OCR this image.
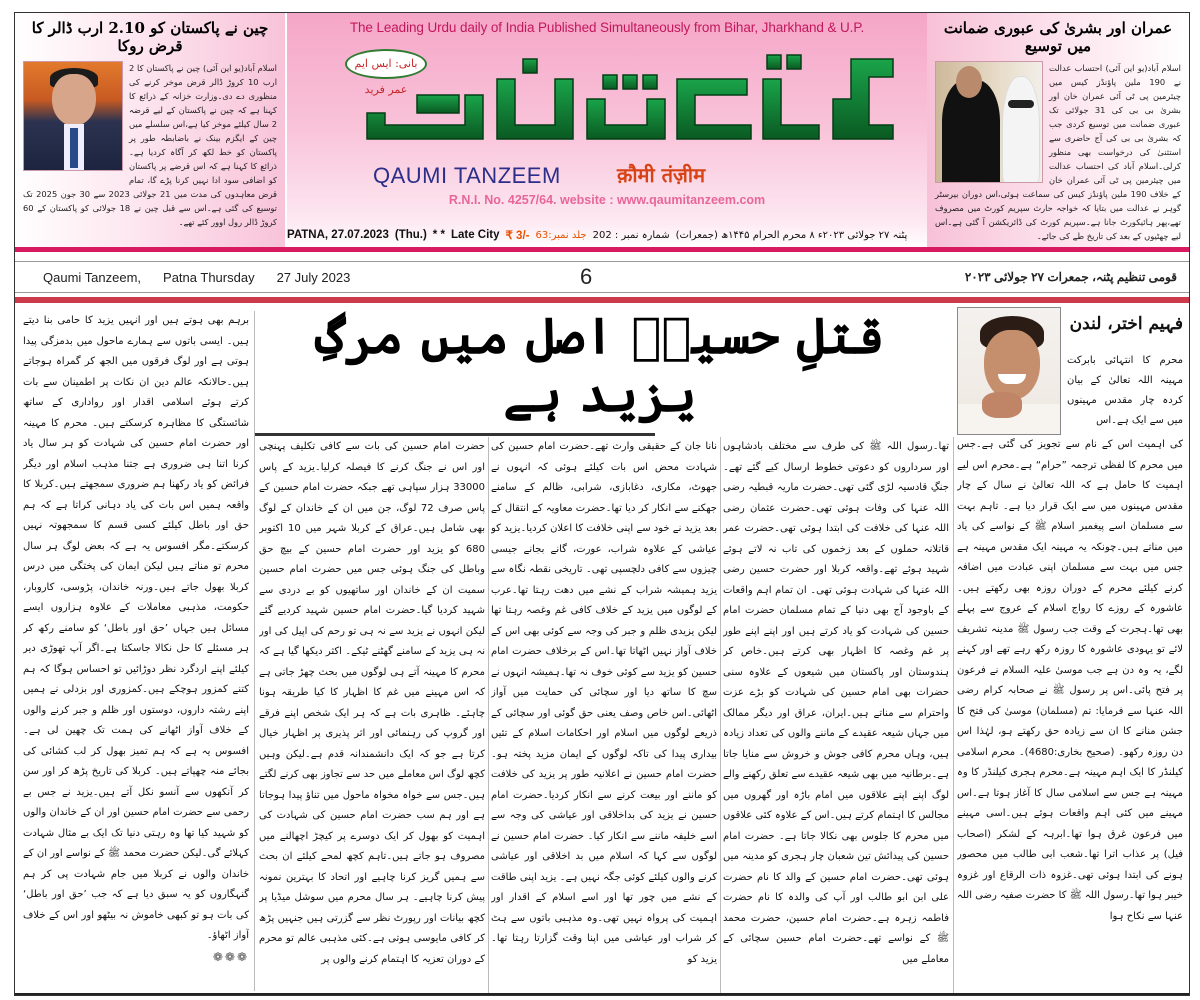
عمران اور بشریٰ کی عبوری ضمانت میں توسیع
اسلام آباد(یو این آئی) احتساب عدالت نے 190 ملین پاؤنڈز کیس میں چیئرمین پی ٹی آئی عمران خان اور بشریٰ بی بی کی 31 جولائی تک عبوری ضمانت میں توسیع کردی جب کہ بشریٰ بی بی کی آج حاضری سے استثنیٰ کی درخواست بھی منظور کرلی۔اسلام آباد کی احتساب عدالت میں چیئرمین پی ٹی آئی عمران خان کے خلاف 190 ملین پاؤنڈز کیس کی سماعت ہوئی،اس دوران بیرسٹر گوہر نے عدالت میں بتایا کہ خواجہ حارث سپریم کورٹ میں مصروف تھے،پھر ہائیکورٹ جانا ہے۔سپریم کورٹ کی ڈائریکشن آ گئی ہے۔اس لیے چھٹیوں کے بعد کی تاریخ طے کی جائے۔
The Leading Urdu daily of India Published Simultaneously from Bihar, Jharkhand & U.P.
بانی: ایس ایم عمر فرید
QAUMI TANZEEM	क़ौमी तंज़ीम
R.N.I. No. 4257/64. website : www.qaumitanzeem.com
PATNA, 27.07.2023 (Thu.) * * Late City ₹ 3/- جلد نمبر:63 شمارہ نمبر : 202 پٹنہ ۲۷ جولائی ۲۰۲۳ء ۸ محرم الحرام ۱۴۴۵ھ (جمعرات)
چین نے پاکستان کو 2.10 ارب ڈالر کا قرض روکا
اسلام آباد(یو این آئی) چین نے پاکستان کا 2 ارب 10 کروڑ ڈالر قرض موخر کرنے کی منظوری دے دی۔وزارت خزانہ کے ذرائع کا کہنا ہے کہ چین نے پاکستان کے لیے قرضہ 2 سال کیلئے موخر کیا ہے،اس سلسلے میں چین کے ایگزم بینک نے باضابطہ طور پر پاکستان کو خط لکھ کر آگاہ کردیا ہے۔ذرائع کا کہنا ہے کہ اس قرضے پر پاکستان کو اضافی سود ادا نہیں کرنا پڑے گا، تمام قرض معاہدوں کی مدت میں 21 جولائی 2023 سے 30 جون 2025 تک توسیع کی گئی ہے۔اس سے قبل چین نے 18 جولائی کو پاکستان کے 60 کروڑ ڈالر رول اوور کئے تھے۔
Qaumi Tanzeem, Patna Thursday 27 July 2023	6	قومی تنظیم پٹنہ، جمعرات ۲۷ جولائی ۲۰۲۳
قتلِ حسینؓ اصل میں مرگِ یزید ہے
فہیم اختر، لندن
محرم کا انتہائی بابرکت مہینہ اللہ تعالیٰ کے بیان کردہ چار مقدس مہینوں میں سے ایک ہے۔اس

کی اہمیت اس کے نام سے تجویز کی گئی ہے۔جس میں محرم کا لفظی ترجمہ ”حرام“ ہے۔محرم اس لیے اہمیت کا حامل ہے کہ اللہ تعالیٰ نے سال کے چار مقدس مہینوں میں سے ایک قرار دیا ہے۔ تاہم بہت سے مسلمان اسے پیغمبر اسلام ﷺ کے نواسے کی یاد میں مناتے ہیں۔چونکہ یہ مہینہ ایک مقدس مہینہ ہے جس میں بہت سے مسلمان اپنی عبادت میں اضافہ کرنے کیلئے محرم کے دوران روزہ بھی رکھتے ہیں۔عاشورہ کے روزے کا رواج اسلام کے عروج سے پہلے بھی تھا۔ہجرت کے وقت جب رسول ﷺ مدینہ تشریف لائے تو یہودی عاشورہ کا روزہ رکھ رہے تھے اور کہنے لگے، یہ وہ دن ہے جب موسیٰ علیہ السلام نے فرعون پر فتح پائی۔اس پر رسول ﷺ نے صحابہ کرام رضی اللہ عنہا سے فرمایا: تم (مسلمان) موسیٰ کی فتح کا جشن منانے کا ان سے زیادہ حق رکھتے ہو، لہٰذا اس دن روزہ رکھو۔ (صحیح بخاری:4680)۔ محرم اسلامی کیلنڈر کا ایک اہم مہینہ ہے۔محرم ہجری کیلنڈر کا وہ مہینہ ہے جس سے اسلامی سال کا آغاز ہوتا ہے۔اس مہینے میں کئی اہم واقعات ہوئے ہیں۔اسی مہینے میں فرعون غرق ہوا تھا۔ابرہہ کے لشکر (اصحاب فیل) پر عذاب اترا تھا۔شعب ابی طالب میں محصور ہونے کی ابتدا ہوئی تھی۔غزوہ ذات الرقاع اور غزوہ خیبر ہوا تھا۔رسول اللہ ﷺ کا حضرت صفیہ رضی اللہ عنہا سے نکاح ہوا

تھا۔رسول اللہ ﷺ کی طرف سے مختلف بادشاہوں اور سرداروں کو دعوتی خطوط ارسال کیے گئے تھے۔جنگِ قادسیہ لڑی گئی تھی۔حضرت ماریہ قبطیہ رضی اللہ عنہا کی وفات ہوئی تھی۔حضرت عثمان رضی اللہ عنہا کی خلافت کی ابتدا ہوئی تھی۔حضرت عمر قاتلانہ حملوں کے بعد زخموں کی تاب نہ لاتے ہوئے شہید ہوئے تھے۔واقعہ کربلا اور حضرت حسین رضی اللہ عنہا کی شہادت ہوئی تھی۔ ان تمام اہم واقعات کے باوجود آج بھی دنیا کے تمام مسلمان حضرت امام حسین کی شہادت کو یاد کرتے ہیں اور اپنے اپنے طور پر غم وغصہ کا اظہار بھی کرتے ہیں۔خاص کر ہندوستان اور پاکستان میں شیعوں کے علاوہ سنی حضرات بھی امام حسین کی شہادت کو بڑے عزت واحترام سے مناتے ہیں۔ایران، عراق اور دیگر ممالک میں جہاں شیعہ عقیدے کے ماننے والوں کی تعداد زیادہ ہیں، وہاں محرم کافی جوش و خروش سے منایا جاتا ہے۔برطانیہ میں بھی شیعہ عقیدے سے تعلق رکھنے والے لوگ اپنے اپنے علاقوں میں امام باڑہ اور گھروں میں مجالس کا اہتمام کرتے ہیں۔اس کے علاوہ کئی علاقوں میں محرم کا جلوس بھی نکالا جاتا ہے۔ حضرت امام حسین کی پیدائش تین شعبان چار ہجری کو مدینہ میں ہوئی تھی۔حضرت امام حسین کے والد کا نام حضرت علی ابن ابو طالب اور آپ کی والدہ کا نام حضرت فاطمہ زہرہ ہے۔حضرت امام حسین، حضرت محمد ﷺ کے نواسے تھے۔حضرت امام حسین سچائی کے معاملے میں

نانا جان کے حقیقی وارث تھے۔حضرت امام حسین کی شہادت محض اس بات کیلئے ہوئی کہ انہوں نے جھوٹ، مکاری، دغابازی، شرابی، ظالم کے سامنے جھکنے سے انکار کر دیا تھا۔حضرت معاویہ کے انتقال کے بعد یزید نے خود سے اپنی خلافت کا اعلان کردیا۔یزید کو عیاشی کے علاوہ شراب، عورت، گانے بجانے جیسی چیزوں سے کافی دلچسپی تھی۔ تاریخی نقطہ نگاہ سے یزید ہمیشہ شراب کے نشے میں دھت رہتا تھا۔عرب کے لوگوں میں یزید کے خلاف کافی غم وغصہ رہتا تھا لیکن یزیدی ظلم و جبر کی وجہ سے کوئی بھی اس کے خلاف آواز نہیں اٹھاتا تھا۔اس کے برخلاف حضرت امام حسین کو یزید سے کوئی خوف نہ تھا۔ہمیشہ انہوں نے سچ کا ساتھ دیا اور سچائی کی حمایت میں آواز اٹھائی۔اس خاص وصف یعنی حق گوئی اور سچائی کے ذریعے لوگوں میں اسلام اور احکامات اسلام کے تئیں بیداری پیدا کی تاکہ لوگوں کے ایمان مزید پختہ ہو۔حضرت امام حسین نے اعلانیہ طور پر یزید کی خلافت کو ماننے اور بیعت کرنے سے انکار کردیا۔حضرت امام حسین نے یزید کی بداخلاقی اور عیاشی کی وجہ سے اسے خلیفہ ماننے سے انکار کیا۔ حضرت امام حسین نے لوگوں سے کہا کہ اسلام میں بد اخلاقی اور عیاشی کرنے والوں کیلئے کوئی جگہ نہیں ہے۔ یزید اپنی طاقت کے نشے میں چور تھا اور اسے اسلام کے اقدار اور اہمیت کی پرواہ نہیں تھی۔وہ مذہبی باتوں سے ہٹ کر شراب اور عیاشی میں اپنا وقت گزارتا رہتا تھا۔یزید کو

حضرت امام حسین کی بات سے کافی تکلیف پہنچی اور اس نے جنگ کرنے کا فیصلہ کرلیا۔یزید کے پاس 33000 ہزار سپاہی تھے جبکہ حضرت امام حسین کے پاس صرف 72 لوگ، جن میں ان کے خاندان کے لوگ بھی شامل ہیں۔عراق کے کربلا شہر میں 10 اکتوبر 680 کو یزید اور حضرت امام حسین کے بیچ حق وباطل کی جنگ ہوئی جس میں حضرت امام حسین سمیت ان کے خاندان اور ساتھیوں کو بے دردی سے شہید کردیا گیا۔حضرت امام حسین شہید کردیے گئے لیکن انہوں نے یزید سے نہ ہی تو رحم کی اپیل کی اور نہ ہی یزید کے سامنے گھٹنے ٹیکے۔ اکثر دیکھا گیا ہے کہ محرم کا مہینہ آتے ہی لوگوں میں بحث چھڑ جاتی ہے کہ اس مہینے میں غم کا اظہار کا کیا طریقہ ہونا چاہئے۔ ظاہری بات ہے کہ ہر ایک شخص اپنے فرقے اور گروپ کی رہنمائی اور اثر پذیری پر اظہار خیال کرتا ہے جو کہ ایک دانشمندانہ قدم ہے۔لیکن وہیں کچھ لوگ اس معاملے میں حد سے تجاوز بھی کرنے لگتے ہیں۔جس سے خواہ مخواہ ماحول میں تناؤ پیدا ہوجاتا ہے اور ہم سب حضرت امام حسین کی شہادت کی اہمیت کو بھول کر ایک دوسرے پر کیچڑ اچھالنے میں مصروف ہو جاتے ہیں۔تاہم کچھ لمحے کیلئے ان بحث سے ہمیں گریز کرنا چاہیے اور اتحاد کا بہترین نمونہ پیش کرنا چاہیے۔ ہر سال محرم میں سوشل میڈیا پر کچھ بیانات اور رپورٹ نظر سے گزرتی ہیں جنہیں پڑھ کر کافی مایوسی ہوتی ہے۔کئی مذہبی عالم تو محرم کے دوران تعزیہ کا اہتمام کرنے والوں پر

برہم بھی ہوتے ہیں اور انہیں یزید کا حامی بنا دیتے ہیں۔ ایسی باتوں سے ہمارے ماحول میں بدمزگی پیدا ہوتی ہے اور لوگ فرقوں میں الجھ کر گمراہ ہوجاتے ہیں۔حالانکہ عالم دین ان نکات پر اطمینان سے بات کرتے ہوئے اسلامی اقدار اور رواداری کے ساتھ شائستگی کا مظاہرہ کرسکتے ہیں۔ محرم کا مہینہ اور حضرت امام حسین کی شہادت کو ہر سال یاد کرنا اتنا ہی ضروری ہے جتنا مذہب اسلام اور دیگر فرائض کو یاد رکھنا ہم ضروری سمجھتے ہیں۔کربلا کا واقعہ ہمیں اس بات کی یاد دہانی کراتا ہے کہ ہم حق اور باطل کیلئے کسی قسم کا سمجھوتہ نہیں کرسکتے۔مگر افسوس یہ ہے کہ بعض لوگ ہر سال محرم تو مناتے ہیں لیکن ایمان کی پختگی میں درس کربلا بھول جاتے ہیں۔ورنہ خاندان، پڑوسی، کاروبار، حکومت، مذہبی معاملات کے علاوہ ہزاروں ایسے مسائل ہیں جہاں ’حق اور باطل‘ کو سامنے رکھ کر ہر مسئلے کا حل نکالا جاسکتا ہے۔اگر آپ تھوڑی دیر کیلئے اپنے اردگرد نظر دوڑائیں تو احساس ہوگا کہ ہم کتنے کمزور ہوچکے ہیں۔کمزوری اور بزدلی نے ہمیں اپنے رشتہ داروں، دوستوں اور ظلم و جبر کرنے والوں کے خلاف آواز اٹھانے کی ہمت تک چھین لی ہے۔افسوس یہ ہے کہ ہم تمیز بھول کر لب کشائی کی بجائے منہ چھپاتے ہیں۔ کربلا کی تاریخ پڑھ کر اور سن کر آنکھوں سے آنسو نکل آتے ہیں۔یزید نے جس بے رحمی سے حضرت امام حسین اور ان کے خاندان والوں کو شہید کیا تھا وہ رہتی دنیا تک ایک بے مثال شہادت کہلائے گی۔لیکن حضرت محمد ﷺ کے نواسے اور ان کے خاندان والوں نے کربلا میں جام شہادت پی کر ہم گنہگاروں کو یہ سبق دیا ہے کہ جب ’حق اور باطل‘ کی بات ہو تو کبھی خاموش نہ بیٹھو اور اس کے خلاف آواز اٹھاؤ۔

❁❁❁
